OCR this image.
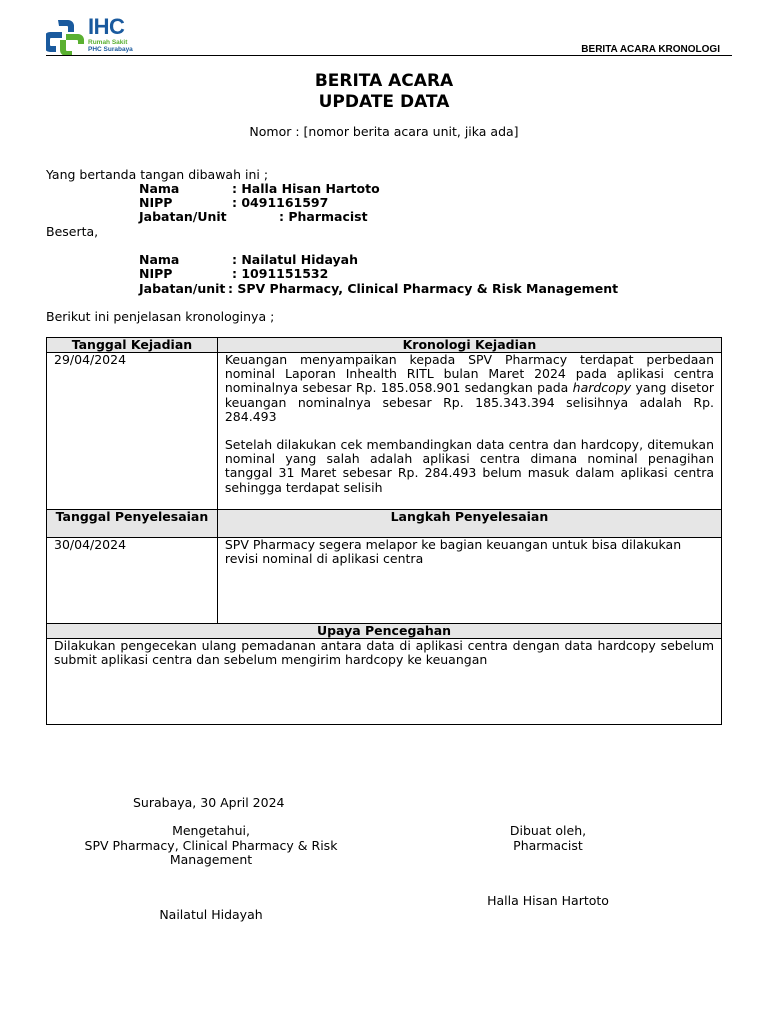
IHC
Rumah Sakit
PHC Surabaya	BERITA ACARA KRONOLOGI
BERITA ACARA
UPDATE DATA
Nomor : [nomor berita acara unit, jika ada]
Yang bertanda tangan dibawah ini ;
Nama	: Halla Hisan Hartoto
NIPP	: 0491161597
Jabatan/Unit	: Pharmacist
Beserta,
Nama	: Nailatul Hidayah
NIPP	: 1091151532
Jabatan/unit : SPV Pharmacy, Clinical Pharmacy & Risk Management
Berikut ini penjelasan kronologinya ;
Tanggal Kejadian	Kronologi Kejadian
29/04/2024	Keuangan menyampaikan kepada SPV Pharmacy terdapat perbedaan nominal Laporan Inhealth RITL bulan Maret 2024 pada aplikasi centra nominalnya sebesar Rp. 185.058.901 sedangkan pada hardcopy yang disetor keuangan nominalnya sebesar Rp. 185.343.394 selisihnya adalah Rp. 284.493
Setelah dilakukan cek membandingkan data centra dan hardcopy, ditemukan nominal yang salah adalah aplikasi centra dimana nominal penagihan tanggal 31 Maret sebesar Rp. 284.493 belum masuk dalam aplikasi centra sehingga terdapat selisih

Tanggal Penyelesaian	Langkah Penyelesaian
30/04/2024	SPV Pharmacy segera melapor ke bagian keuangan untuk bisa dilakukan revisi nominal di aplikasi centra
Upaya Pencegahan	
Dilakukan pengecekan ulang pemadanan antara data di aplikasi centra dengan data hardcopy sebelum submit aplikasi centra dan sebelum mengirim hardcopy ke keuangan	
Surabaya, 30 April 2024
Mengetahui,
SPV Pharmacy, Clinical Pharmacy & Risk Management
Nailatul Hidayah
Dibuat oleh,
Pharmacist
Halla Hisan Hartoto
